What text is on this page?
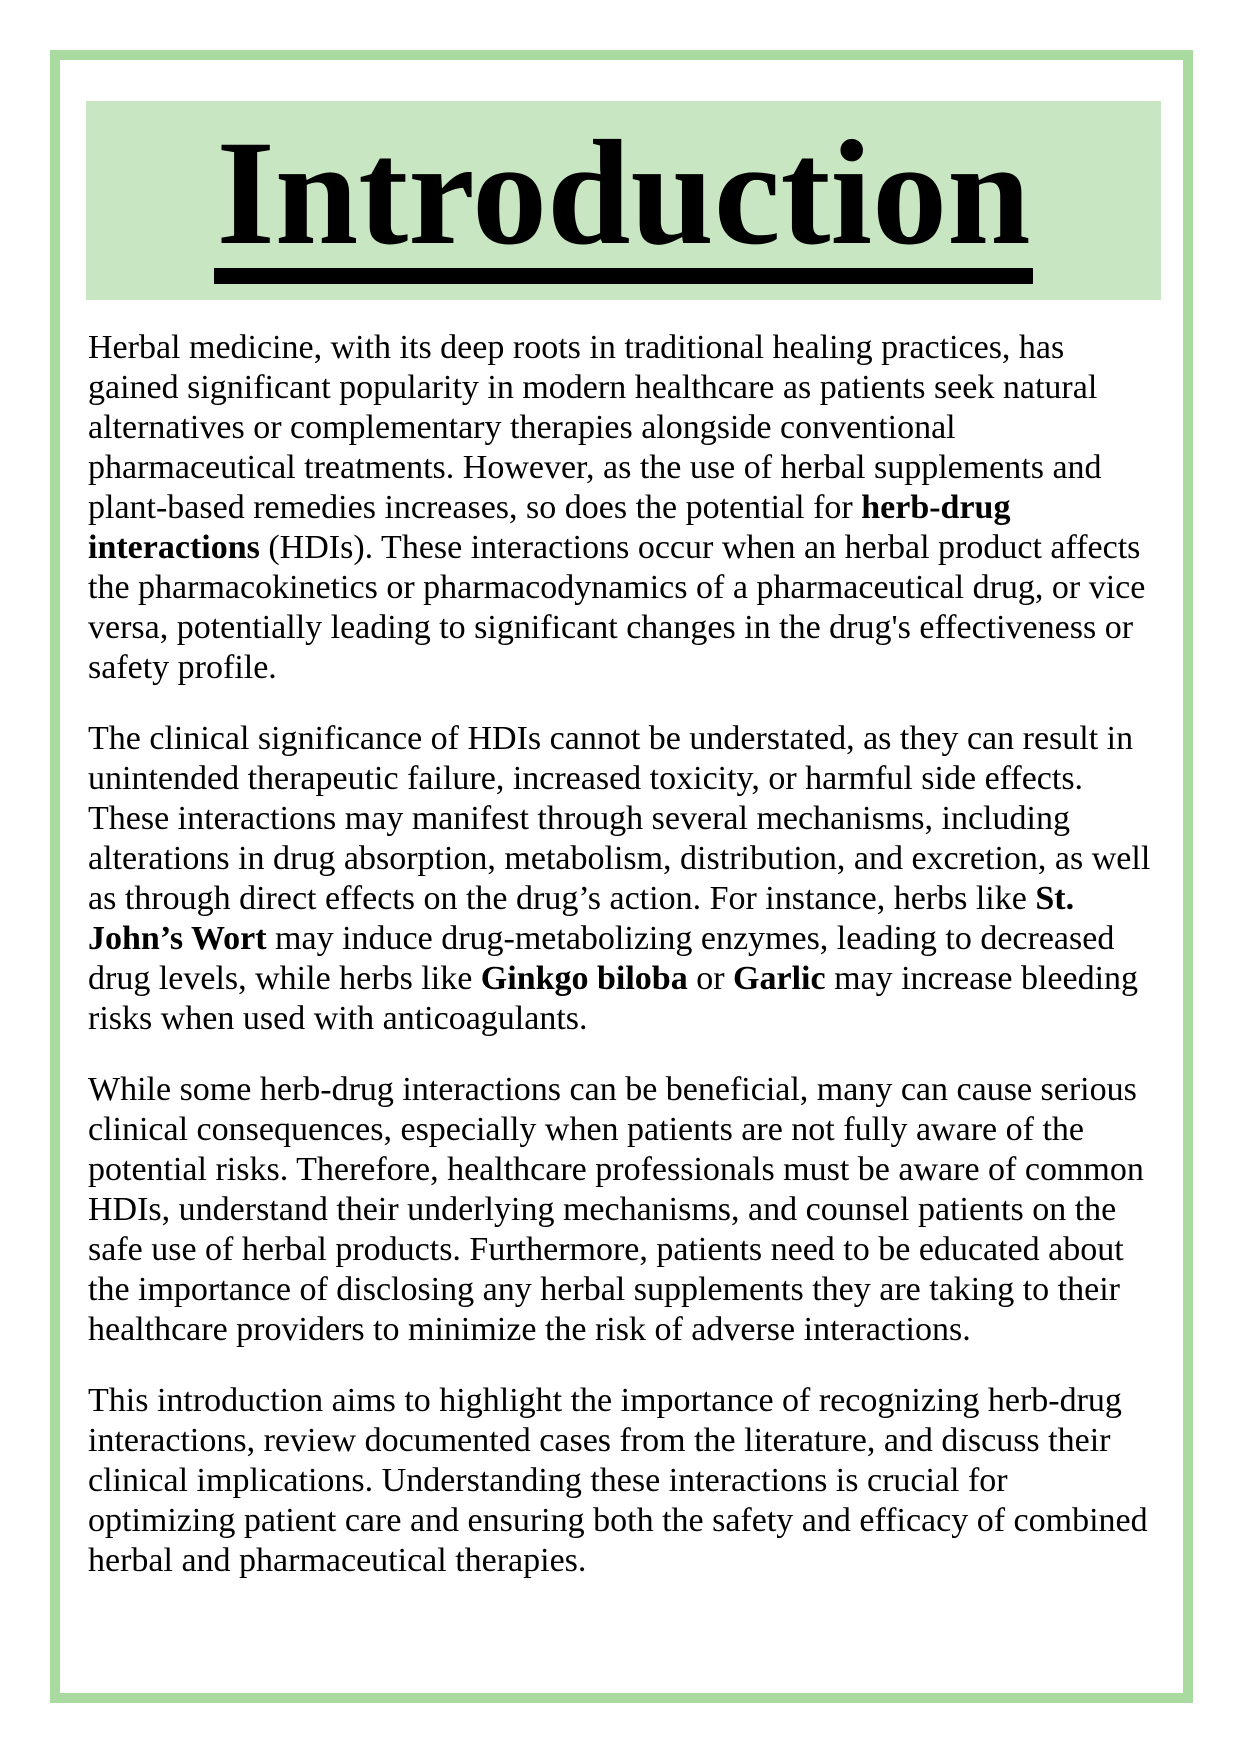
Introduction

Herbal medicine, with its deep roots in traditional healing practices, has gained significant popularity in modern healthcare as patients seek natural alternatives or complementary therapies alongside conventional pharmaceutical treatments. However, as the use of herbal supplements and plant-based remedies increases, so does the potential for herb-drug interactions (HDIs). These interactions occur when an herbal product affects the pharmacokinetics or pharmacodynamics of a pharmaceutical drug, or vice versa, potentially leading to significant changes in the drug's effectiveness or safety profile.

The clinical significance of HDIs cannot be understated, as they can result in unintended therapeutic failure, increased toxicity, or harmful side effects. These interactions may manifest through several mechanisms, including alterations in drug absorption, metabolism, distribution, and excretion, as well as through direct effects on the drug’s action. For instance, herbs like St. John’s Wort may induce drug-metabolizing enzymes, leading to decreased drug levels, while herbs like Ginkgo biloba or Garlic may increase bleeding risks when used with anticoagulants.

While some herb-drug interactions can be beneficial, many can cause serious clinical consequences, especially when patients are not fully aware of the potential risks. Therefore, healthcare professionals must be aware of common HDIs, understand their underlying mechanisms, and counsel patients on the safe use of herbal products. Furthermore, patients need to be educated about the importance of disclosing any herbal supplements they are taking to their healthcare providers to minimize the risk of adverse interactions.

This introduction aims to highlight the importance of recognizing herb-drug interactions, review documented cases from the literature, and discuss their clinical implications. Understanding these interactions is crucial for optimizing patient care and ensuring both the safety and efficacy of combined herbal and pharmaceutical therapies.
